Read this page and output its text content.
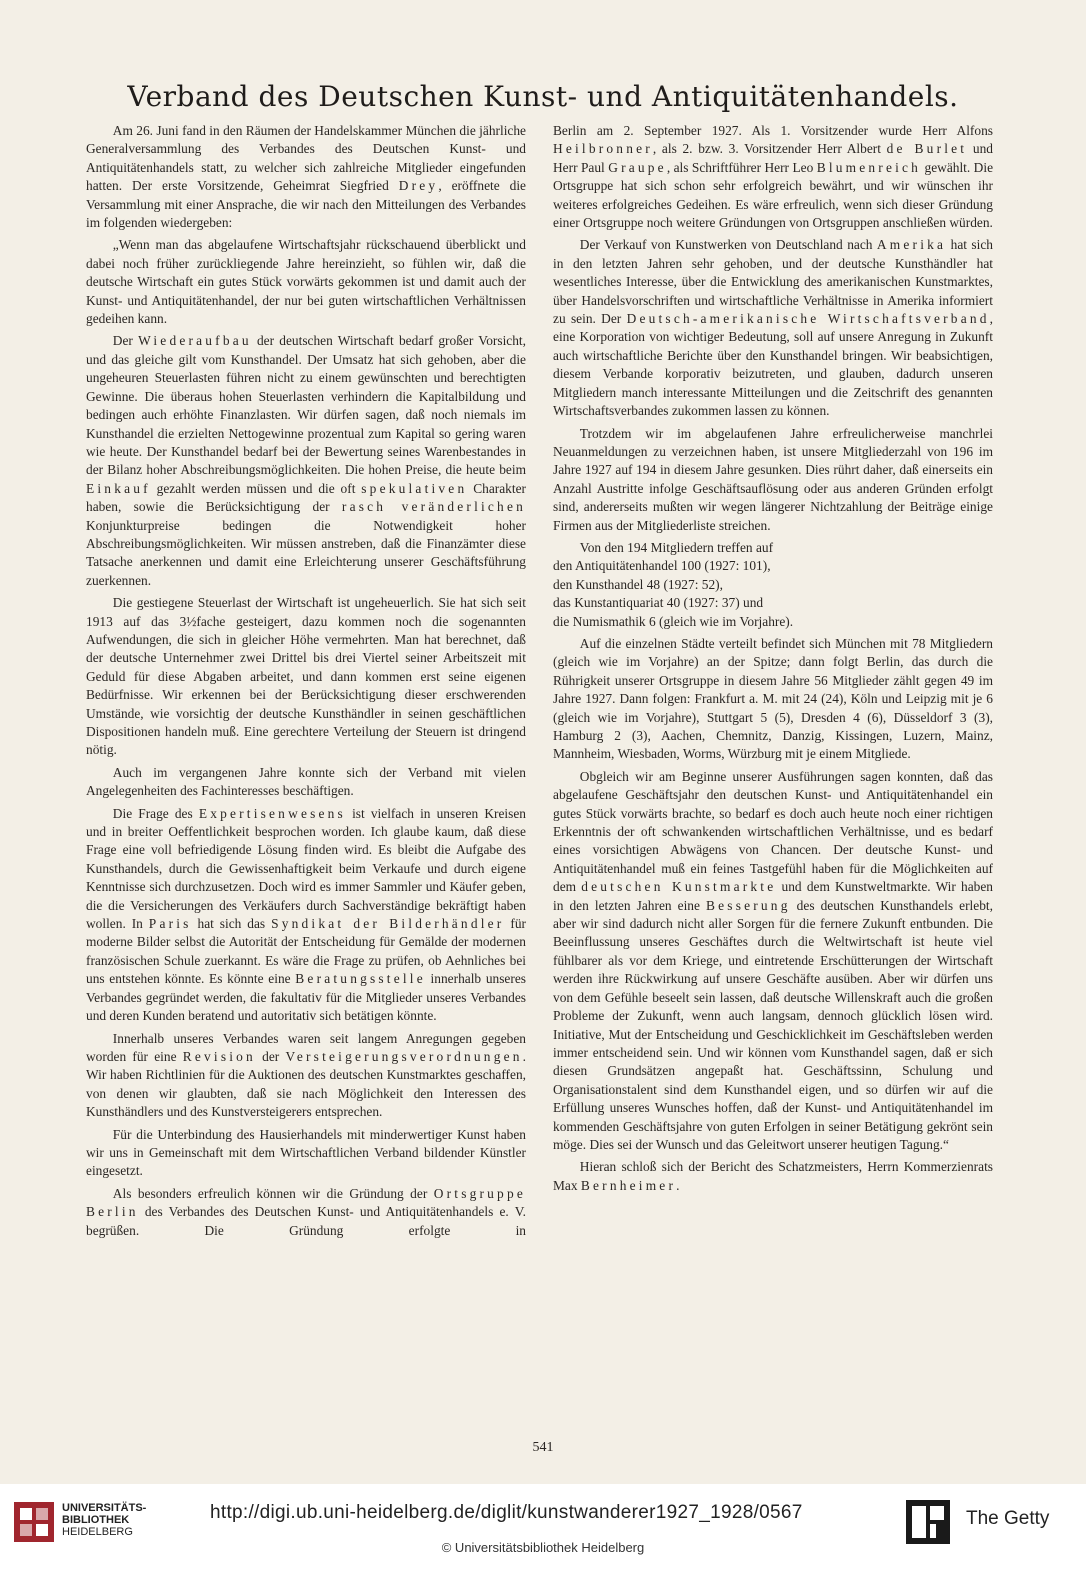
Verband des Deutschen Kunst- und Antiquitätenhandels.

Am 26. Juni fand in den Räumen der Handelskammer München die jährliche Generalversammlung des Verbandes des Deutschen Kunst- und Antiquitätenhandels statt, zu welcher sich zahlreiche Mitglieder eingefunden hatten. Der erste Vorsitzende, Geheimrat Siegfried Drey, eröffnete die Versammlung mit einer Ansprache, die wir nach den Mitteilungen des Verbandes im folgenden wiedergeben:

„Wenn man das abgelaufene Wirtschaftsjahr rückschauend überblickt und dabei noch früher zurückliegende Jahre hereinzieht, so fühlen wir, daß die deutsche Wirtschaft ein gutes Stück vorwärts gekommen ist und damit auch der Kunst- und Antiquitätenhandel, der nur bei guten wirtschaftlichen Verhältnissen gedeihen kann.

Der Wiederaufbau der deutschen Wirtschaft bedarf großer Vorsicht, und das gleiche gilt vom Kunsthandel. Der Umsatz hat sich gehoben, aber die ungeheuren Steuerlasten führen nicht zu einem gewünschten und berechtigten Gewinne. Die überaus hohen Steuerlasten verhindern die Kapitalbildung und bedingen auch erhöhte Finanzlasten. Wir dürfen sagen, daß noch niemals im Kunsthandel die erzielten Nettogewinne prozentual zum Kapital so gering waren wie heute. Der Kunsthandel bedarf bei der Bewertung seines Warenbestandes in der Bilanz hoher Abschreibungsmöglichkeiten. Die hohen Preise, die heute beim Einkauf gezahlt werden müssen und die oft spekulativen Charakter haben, sowie die Berücksichtigung der rasch veränderlichen Konjunkturpreise bedingen die Notwendigkeit hoher Abschreibungsmöglichkeiten. Wir müssen anstreben, daß die Finanzämter diese Tatsache anerkennen und damit eine Erleichterung unserer Geschäftsführung zuerkennen.

Die gestiegene Steuerlast der Wirtschaft ist ungeheuerlich. Sie hat sich seit 1913 auf das 3½fache gesteigert, dazu kommen noch die sogenannten Aufwendungen, die sich in gleicher Höhe vermehrten. Man hat berechnet, daß der deutsche Unternehmer zwei Drittel bis drei Viertel seiner Arbeitszeit mit Geduld für diese Abgaben arbeitet, und dann kommen erst seine eigenen Bedürfnisse. Wir erkennen bei der Berücksichtigung dieser erschwerenden Umstände, wie vorsichtig der deutsche Kunsthändler in seinen geschäftlichen Dispositionen handeln muß. Eine gerechtere Verteilung der Steuern ist dringend nötig.

Auch im vergangenen Jahre konnte sich der Verband mit vielen Angelegenheiten des Fachinteresses beschäftigen.

Die Frage des Expertisenwesens ist vielfach in unseren Kreisen und in breiter Oeffentlichkeit besprochen worden. Ich glaube kaum, daß diese Frage eine voll befriedigende Lösung finden wird. Es bleibt die Aufgabe des Kunsthandels, durch die Gewissenhaftigkeit beim Verkaufe und durch eigene Kenntnisse sich durchzusetzen. Doch wird es immer Sammler und Käufer geben, die die Versicherungen des Verkäufers durch Sachverständige bekräftigt haben wollen. In Paris hat sich das Syndikat der Bilderhändler für moderne Bilder selbst die Autorität der Entscheidung für Gemälde der modernen französischen Schule zuerkannt. Es wäre die Frage zu prüfen, ob Aehnliches bei uns entstehen könnte. Es könnte eine Beratungsstelle innerhalb unseres Verbandes gegründet werden, die fakultativ für die Mitglieder unseres Verbandes und deren Kunden beratend und autoritativ sich betätigen könnte.

Innerhalb unseres Verbandes waren seit langem Anregungen gegeben worden für eine Revision der Versteigerungsverordnungen. Wir haben Richtlinien für die Auktionen des deutschen Kunstmarktes geschaffen, von denen wir glaubten, daß sie nach Möglichkeit den Interessen des Kunsthändlers und des Kunstversteigerers entsprechen.

Für die Unterbindung des Hausierhandels mit minderwertiger Kunst haben wir uns in Gemeinschaft mit dem Wirtschaftlichen Verband bildender Künstler eingesetzt.

Als besonders erfreulich können wir die Gründung der Ortsgruppe Berlin des Verbandes des Deutschen Kunst- und Antiquitätenhandels e. V. begrüßen. Die Gründung erfolgte in

Berlin am 2. September 1927. Als 1. Vorsitzender wurde Herr Alfons Heilbronner, als 2. bzw. 3. Vorsitzender Herr Albert de Burlet und Herr Paul Graupe, als Schriftführer Herr Leo Blumenreich gewählt. Die Ortsgruppe hat sich schon sehr erfolgreich bewährt, und wir wünschen ihr weiteres erfolgreiches Gedeihen. Es wäre erfreulich, wenn sich dieser Gründung einer Ortsgruppe noch weitere Gründungen von Ortsgruppen anschließen würden.

Der Verkauf von Kunstwerken von Deutschland nach Amerika hat sich in den letzten Jahren sehr gehoben, und der deutsche Kunsthändler hat wesentliches Interesse, über die Entwicklung des amerikanischen Kunstmarktes, über Handelsvorschriften und wirtschaftliche Verhältnisse in Amerika informiert zu sein. Der Deutsch-amerikanische Wirtschaftsverband, eine Korporation von wichtiger Bedeutung, soll auf unsere Anregung in Zukunft auch wirtschaftliche Berichte über den Kunsthandel bringen. Wir beabsichtigen, diesem Verbande korporativ beizutreten, und glauben, dadurch unseren Mitgliedern manch interessante Mitteilungen und die Zeitschrift des genannten Wirtschaftsverbandes zukommen lassen zu können.

Trotzdem wir im abgelaufenen Jahre erfreulicherweise manchrlei Neuanmeldungen zu verzeichnen haben, ist unsere Mitgliederzahl von 196 im Jahre 1927 auf 194 in diesem Jahre gesunken. Dies rührt daher, daß einerseits ein Anzahl Austritte infolge Geschäftsauflösung oder aus anderen Gründen erfolgt sind, andererseits mußten wir wegen längerer Nichtzahlung der Beiträge einige Firmen aus der Mitgliederliste streichen.

Von den 194 Mitgliedern treffen auf
den Antiquitätenhandel 100 (1927: 101),
den Kunsthandel 48 (1927: 52),
das Kunstantiquariat 40 (1927: 37) und
die Numismathik 6 (gleich wie im Vorjahre).

Auf die einzelnen Städte verteilt befindet sich München mit 78 Mitgliedern (gleich wie im Vorjahre) an der Spitze; dann folgt Berlin, das durch die Rührigkeit unserer Ortsgruppe in diesem Jahre 56 Mitglieder zählt gegen 49 im Jahre 1927. Dann folgen: Frankfurt a. M. mit 24 (24), Köln und Leipzig mit je 6 (gleich wie im Vorjahre), Stuttgart 5 (5), Dresden 4 (6), Düsseldorf 3 (3), Hamburg 2 (3), Aachen, Chemnitz, Danzig, Kissingen, Luzern, Mainz, Mannheim, Wiesbaden, Worms, Würzburg mit je einem Mitgliede.

Obgleich wir am Beginne unserer Ausführungen sagen konnten, daß das abgelaufene Geschäftsjahr den deutschen Kunst- und Antiquitätenhandel ein gutes Stück vorwärts brachte, so bedarf es doch auch heute noch einer richtigen Erkenntnis der oft schwankenden wirtschaftlichen Verhältnisse, und es bedarf eines vorsichtigen Abwägens von Chancen. Der deutsche Kunst- und Antiquitätenhandel muß ein feines Tastgefühl haben für die Möglichkeiten auf dem deutschen Kunstmarkte und dem Kunstweltmarkte. Wir haben in den letzten Jahren eine Besserung des deutschen Kunsthandels erlebt, aber wir sind dadurch nicht aller Sorgen für die fernere Zukunft entbunden. Die Beeinflussung unseres Geschäftes durch die Weltwirtschaft ist heute viel fühlbarer als vor dem Kriege, und eintretende Erschütterungen der Wirtschaft werden ihre Rückwirkung auf unsere Geschäfte ausüben. Aber wir dürfen uns von dem Gefühle beseelt sein lassen, daß deutsche Willenskraft auch die großen Probleme der Zukunft, wenn auch langsam, dennoch glücklich lösen wird. Initiative, Mut der Entscheidung und Geschicklichkeit im Geschäftsleben werden immer entscheidend sein. Und wir können vom Kunsthandel sagen, daß er sich diesen Grundsätzen angepaßt hat. Geschäftssinn, Schulung und Organisationstalent sind dem Kunsthandel eigen, und so dürfen wir auf die Erfüllung unseres Wunsches hoffen, daß der Kunst- und Antiquitätenhandel im kommenden Geschäftsjahre von guten Erfolgen in seiner Betätigung gekrönt sein möge. Dies sei der Wunsch und das Geleitwort unserer heutigen Tagung.“

Hieran schloß sich der Bericht des Schatzmeisters, Herrn Kommerzienrats Max Bernheimer.

541
UNIVERSITÄTS-
BIBLIOTHEK
HEIDELBERG
http://digi.ub.uni-heidelberg.de/diglit/kunstwanderer1927_1928/0567
© Universitätsbibliothek Heidelberg
The Getty
